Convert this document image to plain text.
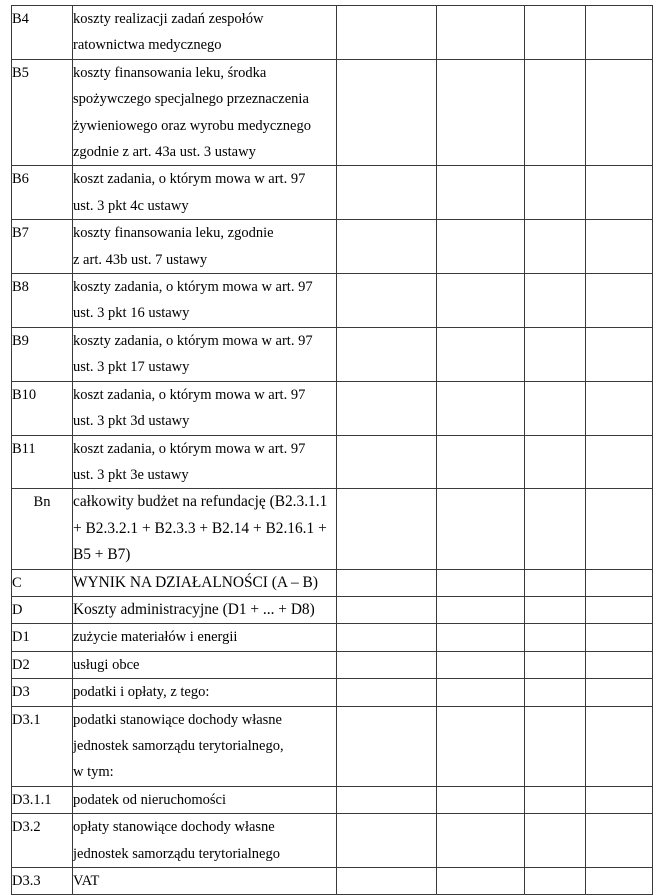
B4	koszty realizacji zadań zespołów
ratownictwa medycznego				

B5	koszty finansowania leku, środka
spożywczego specjalnego przeznaczenia
żywieniowego oraz wyrobu medycznego
zgodnie z art. 43a ust. 3 ustawy				

B6	koszt zadania, o którym mowa w art. 97
ust. 3 pkt 4c ustawy				

B7	koszty finansowania leku, zgodnie
z art. 43b ust. 7 ustawy				

B8	koszty zadania, o którym mowa w art. 97
ust. 3 pkt 16 ustawy				

B9	koszty zadania, o którym mowa w art. 97
ust. 3 pkt 17 ustawy				

B10	koszt zadania, o którym mowa w art. 97
ust. 3 pkt 3d ustawy				

B11	koszt zadania, o którym mowa w art. 97
ust. 3 pkt 3e ustawy				

Bn	całkowity budżet na refundację (B2.3.1.1
+ B2.3.2.1 + B2.3.3 + B2.14 + B2.16.1 +
B5 + B7)				

C	WYNIK NA DZIAŁALNOŚCI (A – B)				

D	Koszty administracyjne (D1 + ... + D8)				

D1	zużycie materiałów i energii				

D2	usługi obce				

D3	podatki i opłaty, z tego:				

D3.1	podatki stanowiące dochody własne
jednostek samorządu terytorialnego,
w tym:				

D3.1.1	podatek od nieruchomości				

D3.2	opłaty stanowiące dochody własne
jednostek samorządu terytorialnego				

D3.3	VAT				
